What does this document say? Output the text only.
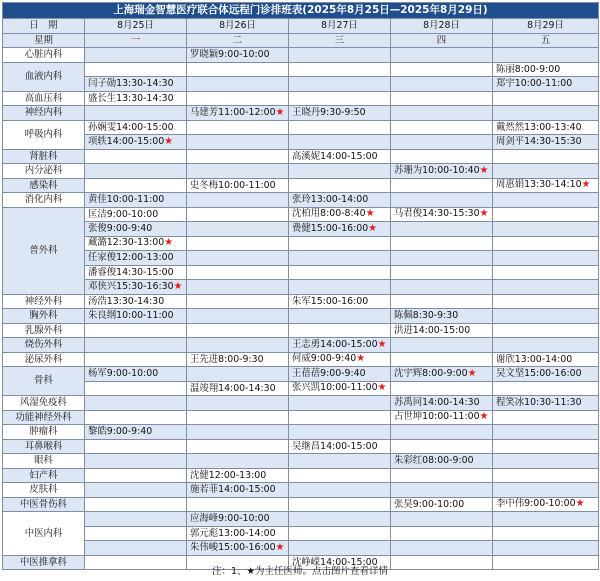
上海瑞金智慧医疗联合体远程门诊排班表(2025年8月25日—2025年8月29日)					
日　期	8月25日	8月26日	8月27日	8月28日	8月29日
星期	一	二	三	四	五
心脏内科		罗晓颖9:00-10:00			
血液内科					陈丽8:00-9:00
	闫子勋13:30-14:30				郑宇10:00-11:00
高血压科	盛长生13:30-14:30				
神经内科		马建芳11:00-12:00★	王晓丹9:30-9:50		
呼吸内科	孙娴雯14:00-15:00				戴然然13:00-13:40
	项轶14:00-15:00★				周剑平14:30-15:30
肾脏科			高溪妮14:00-15:00		
内分泌科				苏珊为10:00-10:40★	
感染科		史冬梅10:00-11:00			周惠娟13:30-14:10★
消化内科	黄佳10:00-11:00		张玲13:00-14:00		
普外科	匡洁9:00-10:00		沈柏用8:00-8:40★	马君俊14:30-15:30★	
	张俊9:00-9:40		费健15:00-16:00★		
	藏潞12:30-13:00★				
	任家俊12:00-13:00				
	潘睿俊14:30-15:00				
	邓侠兴15:30-16:30★				
神经外科	汤浩13:30-14:30		朱军15:00-16:00		
胸外科	朱良纲10:00-11:00			陈佩8:30-9:30	
乳腺外科				洪进14:00-15:00	
烧伤外科			王志勇14:00-15:00★		
泌尿外科		王先进8:00-9:30	何威9:00-9:40★		谢欣13:00-14:00
骨科	杨军9:00-10:00		王蓓蓓9:00-9:40	沈宇辉8:00-9:00★	吴文坚15:00-16:00
		温竣翔14:00-14:30	张兴凯10:00-11:00★		
风湿免疫科				苏禹同14:00-14:30	程笑冰10:30-11:30
功能神经外科				占世坤10:00-11:00★	
肿瘤科	黎皓9:00-9:40				
耳鼻喉科			吴继昌14:00-15:00		
眼科				朱彩红08:00-9:00	
妇产科		沈健12:00-13:00			
皮肤科		施若菲14:00-15:00			
中医骨伤科				张昊9:00-10:00	李中伟9:00-10:00★
中医内科		应海峰9:00-10:00			
		郭元彪13:00-14:00			
		朱伟峻15:00-16:00★			
中医推拿科			沈峥嵘14:00-15:00		
注：1、★为主任医师。点击图片查看详情
